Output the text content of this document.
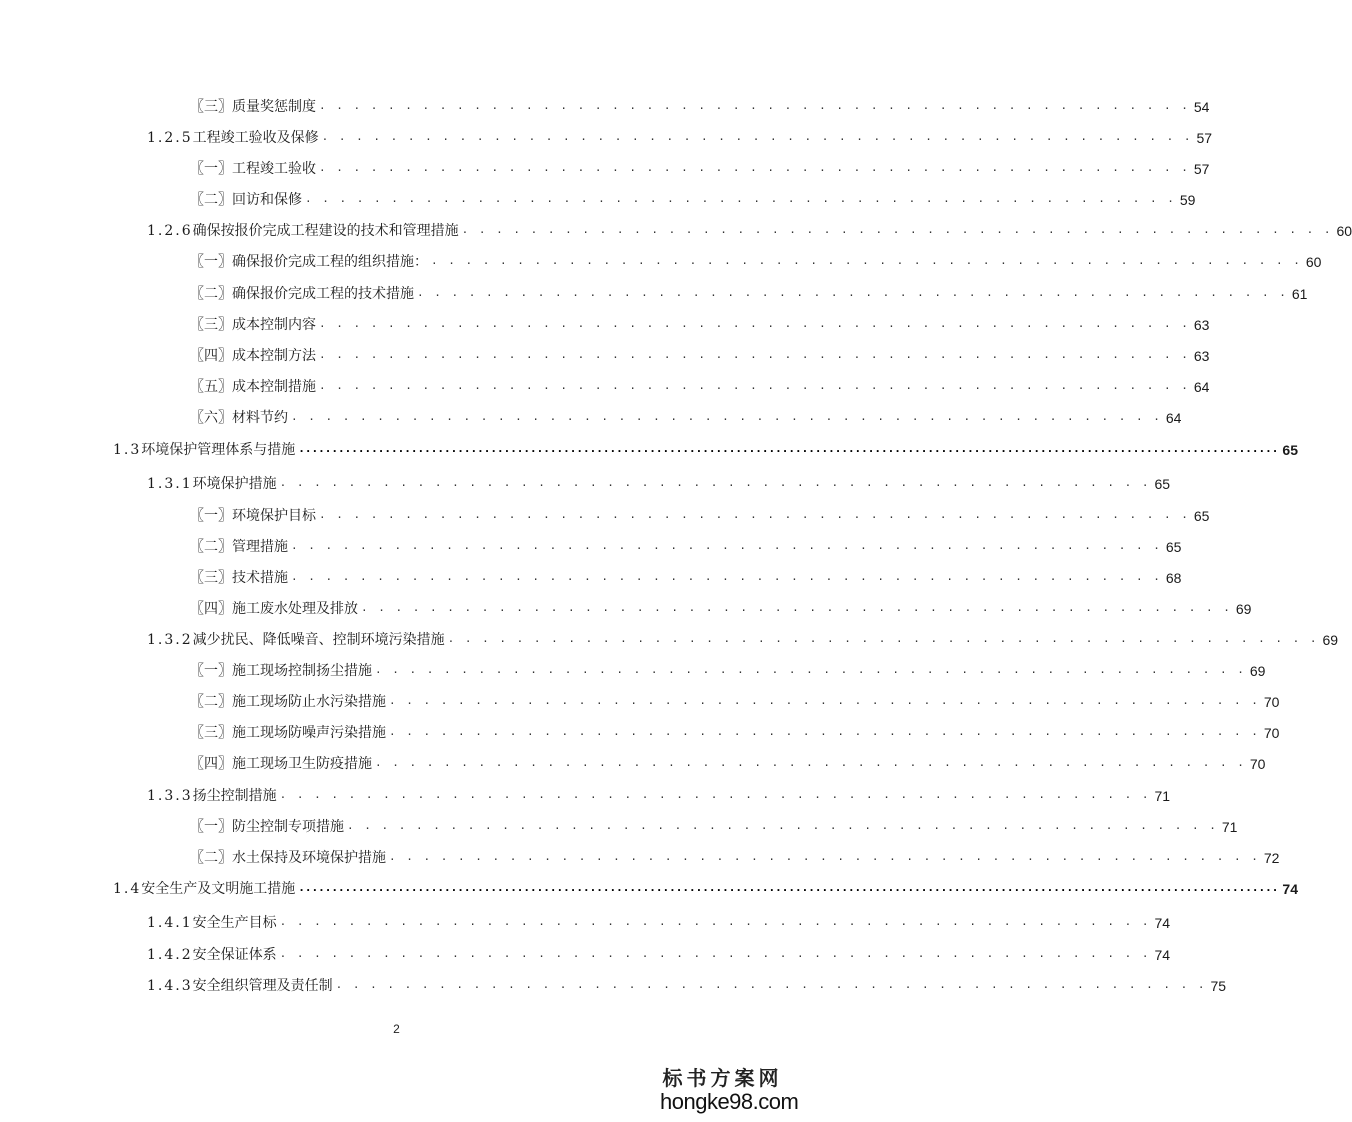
〖三〗质量奖惩制度 . . . . . . . . . . . . . . . . . . . . . . . . . . . . . . . . . . . . . . . . . . . . . . . . . . . 54
1.2.5工程竣工验收及保修 . . . . . . . . . . . . . . . . . . . . . . . . . . . . . . . . . . . . . . . . . . . . . . . . . . . 57
〖一〗工程竣工验收 . . . . . . . . . . . . . . . . . . . . . . . . . . . . . . . . . . . . . . . . . . . . . . . . . . . 57
〖二〗回访和保修 . . . . . . . . . . . . . . . . . . . . . . . . . . . . . . . . . . . . . . . . . . . . . . . . . . . 59
1.2.6确保按报价完成工程建设的技术和管理措施 . . . . . . . . . . . . . . . . . . . . . . . . . . . . . . . . . . . . . . . . . . . . . . . . . . . 60
〖一〗确保报价完成工程的组织措施： . . . . . . . . . . . . . . . . . . . . . . . . . . . . . . . . . . . . . . . . . . . . . . . . . . . 60
〖二〗确保报价完成工程的技术措施 . . . . . . . . . . . . . . . . . . . . . . . . . . . . . . . . . . . . . . . . . . . . . . . . . . . 61
〖三〗成本控制内容 . . . . . . . . . . . . . . . . . . . . . . . . . . . . . . . . . . . . . . . . . . . . . . . . . . . 63
〖四〗成本控制方法 . . . . . . . . . . . . . . . . . . . . . . . . . . . . . . . . . . . . . . . . . . . . . . . . . . . 63
〖五〗成本控制措施 . . . . . . . . . . . . . . . . . . . . . . . . . . . . . . . . . . . . . . . . . . . . . . . . . . . 64
〖六〗材料节约 . . . . . . . . . . . . . . . . . . . . . . . . . . . . . . . . . . . . . . . . . . . . . . . . . . . 64
1.3环境保护管理体系与措施 .................................................................................................................................................... 65
1.3.1环境保护措施 . . . . . . . . . . . . . . . . . . . . . . . . . . . . . . . . . . . . . . . . . . . . . . . . . . . 65
〖一〗环境保护目标 . . . . . . . . . . . . . . . . . . . . . . . . . . . . . . . . . . . . . . . . . . . . . . . . . . . 65
〖二〗管理措施 . . . . . . . . . . . . . . . . . . . . . . . . . . . . . . . . . . . . . . . . . . . . . . . . . . . 65
〖三〗技术措施 . . . . . . . . . . . . . . . . . . . . . . . . . . . . . . . . . . . . . . . . . . . . . . . . . . . 68
〖四〗施工废水处理及排放 . . . . . . . . . . . . . . . . . . . . . . . . . . . . . . . . . . . . . . . . . . . . . . . . . . . 69
1.3.2减少扰民、降低噪音、控制环境污染措施 . . . . . . . . . . . . . . . . . . . . . . . . . . . . . . . . . . . . . . . . . . . . . . . . . . . 69
〖一〗施工现场控制扬尘措施 . . . . . . . . . . . . . . . . . . . . . . . . . . . . . . . . . . . . . . . . . . . . . . . . . . . 69
〖二〗施工现场防止水污染措施 . . . . . . . . . . . . . . . . . . . . . . . . . . . . . . . . . . . . . . . . . . . . . . . . . . . 70
〖三〗施工现场防噪声污染措施 . . . . . . . . . . . . . . . . . . . . . . . . . . . . . . . . . . . . . . . . . . . . . . . . . . . 70
〖四〗施工现场卫生防疫措施 . . . . . . . . . . . . . . . . . . . . . . . . . . . . . . . . . . . . . . . . . . . . . . . . . . . 70
1.3.3扬尘控制措施 . . . . . . . . . . . . . . . . . . . . . . . . . . . . . . . . . . . . . . . . . . . . . . . . . . . 71
〖一〗防尘控制专项措施 . . . . . . . . . . . . . . . . . . . . . . . . . . . . . . . . . . . . . . . . . . . . . . . . . . . 71
〖二〗水土保持及环境保护措施 . . . . . . . . . . . . . . . . . . . . . . . . . . . . . . . . . . . . . . . . . . . . . . . . . . . 72
1.4安全生产及文明施工措施 .................................................................................................................................................... 74
1.4.1安全生产目标 . . . . . . . . . . . . . . . . . . . . . . . . . . . . . . . . . . . . . . . . . . . . . . . . . . . 74
1.4.2安全保证体系 . . . . . . . . . . . . . . . . . . . . . . . . . . . . . . . . . . . . . . . . . . . . . . . . . . . 74
1.4.3安全组织管理及责任制 . . . . . . . . . . . . . . . . . . . . . . . . . . . . . . . . . . . . . . . . . . . . . . . . . . . 75
2
标书方案网
hongke98.com
